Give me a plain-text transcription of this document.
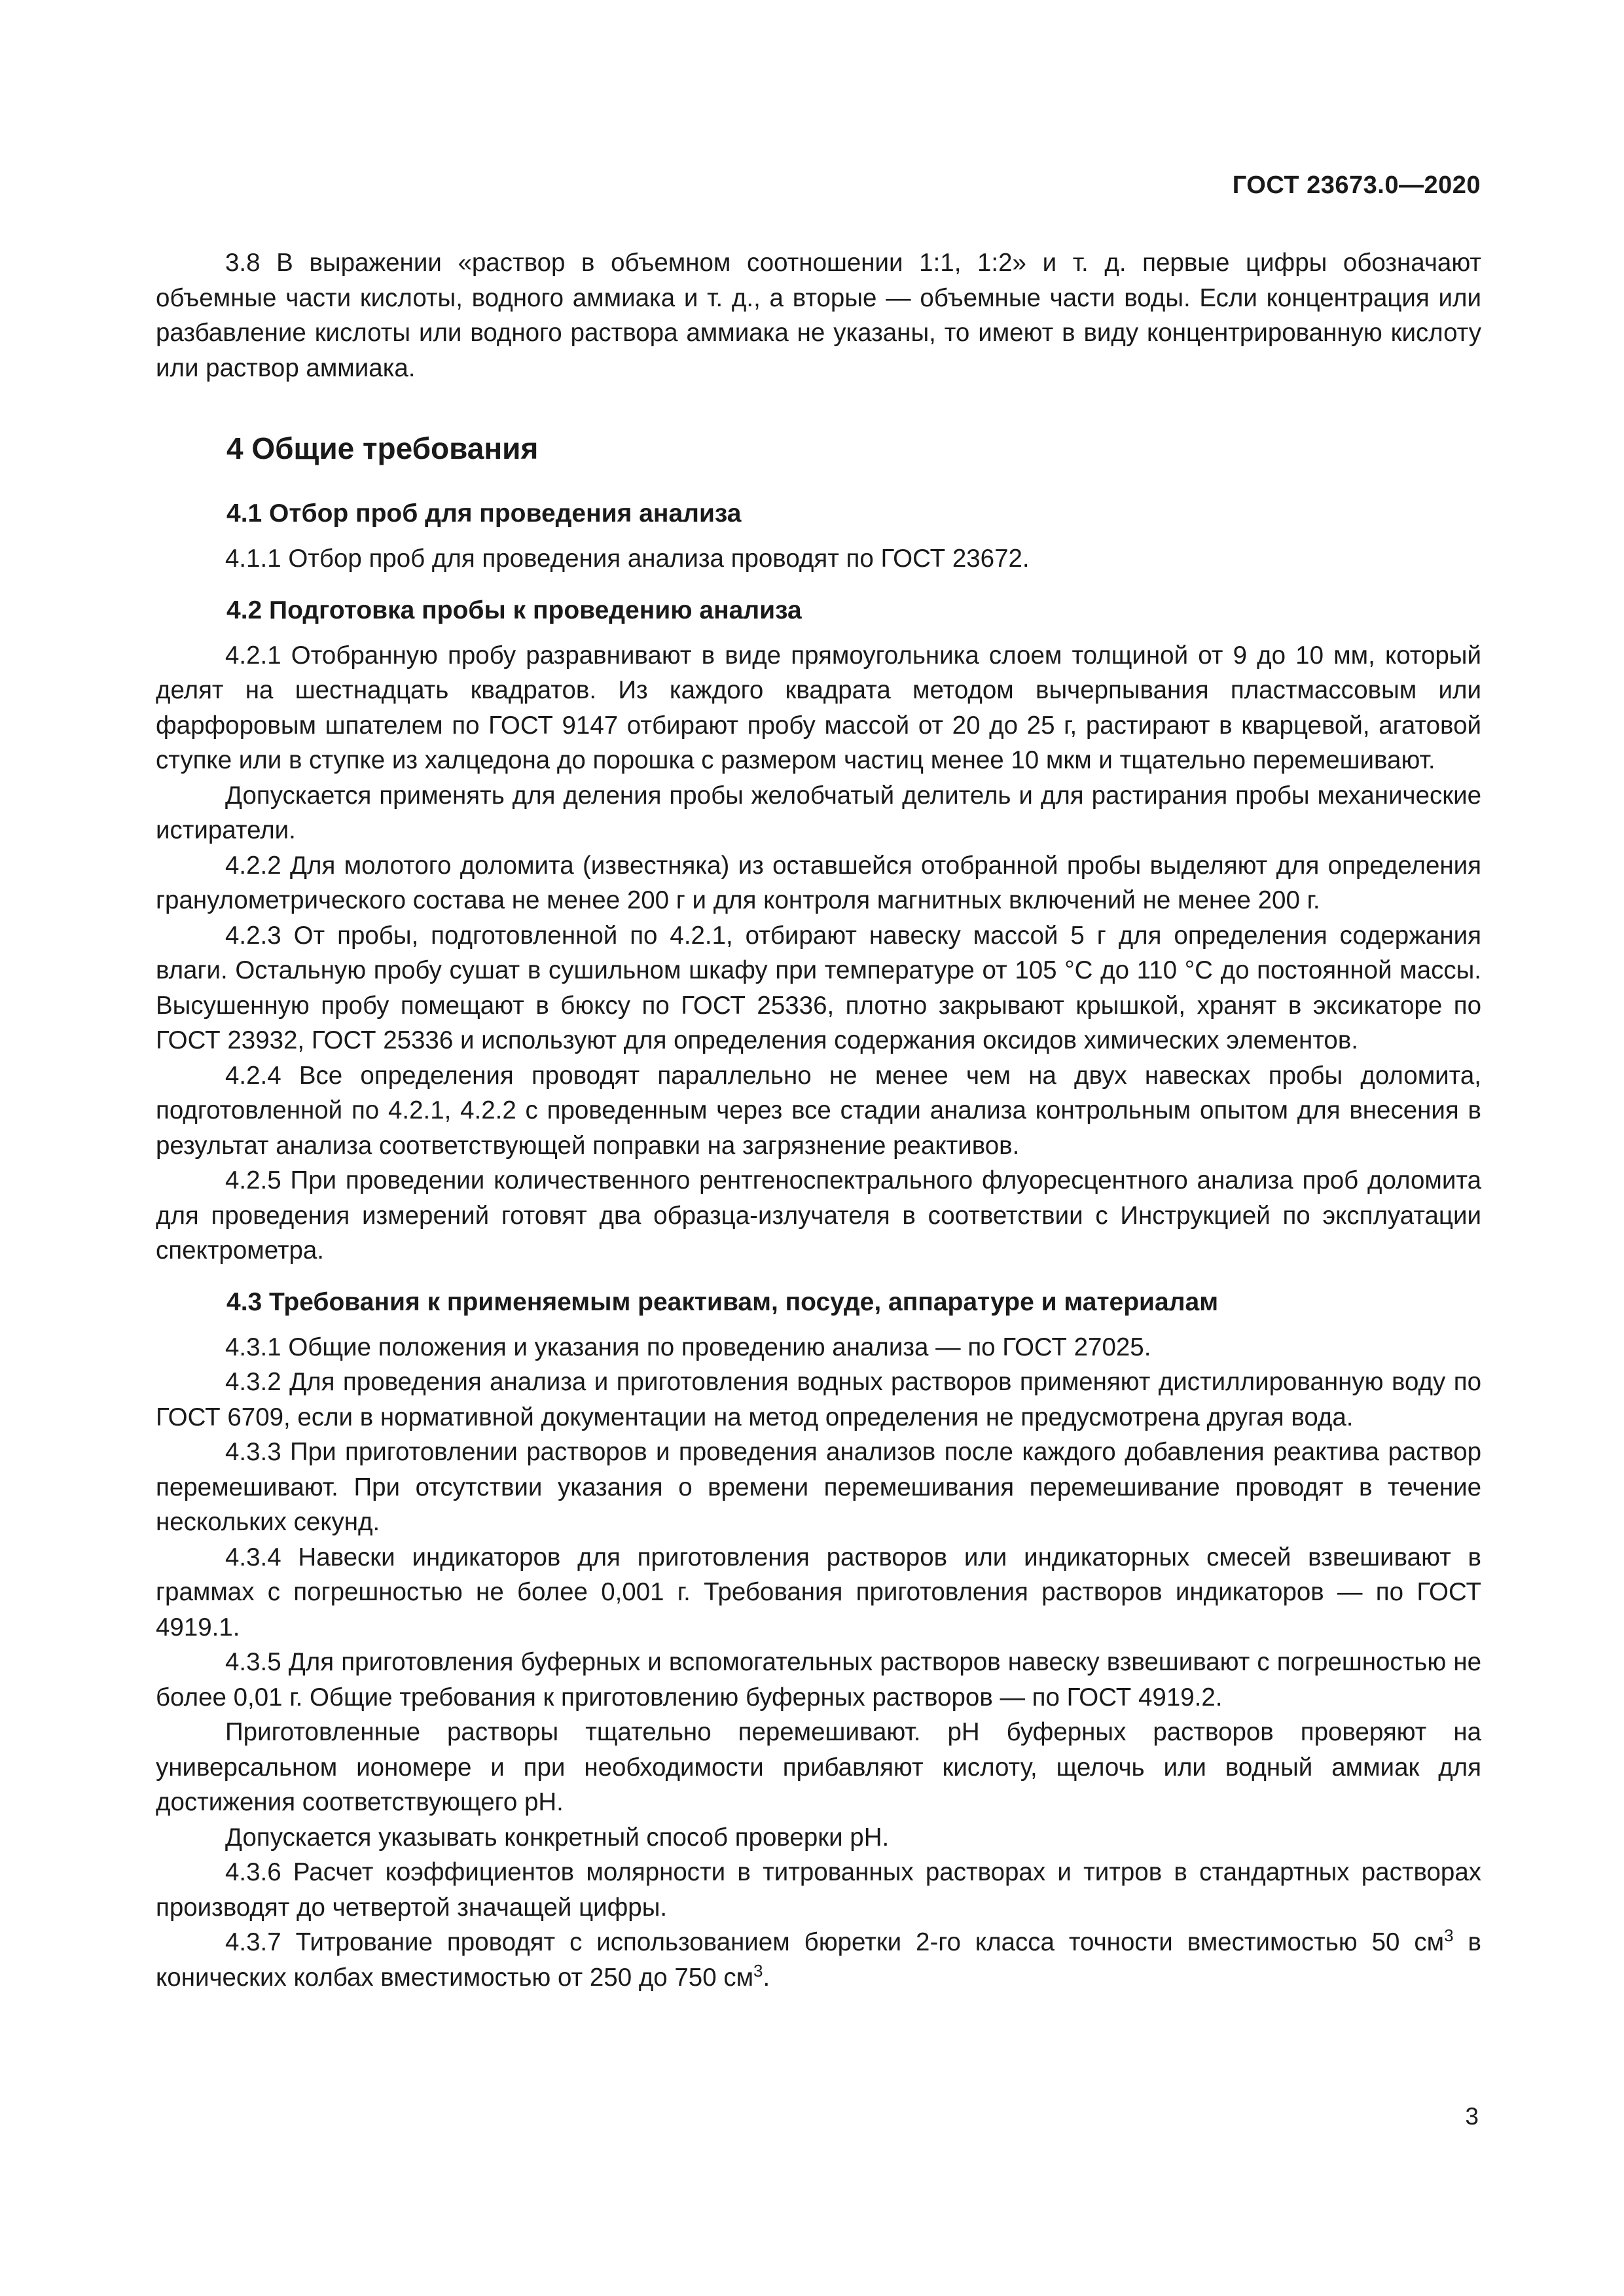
ГОСТ 23673.0—2020

3.8 В выражении «раствор в объемном соотношении 1:1, 1:2» и т. д. первые цифры обозначают объемные части кислоты, водного аммиака и т. д., а вторые — объемные части воды. Если концентрация или разбавление кислоты или водного раствора аммиака не указаны, то имеют в виду концентрированную кислоту или раствор аммиака.

4 Общие требования
4.1 Отбор проб для проведения анализа

4.1.1 Отбор проб для проведения анализа проводят по ГОСТ 23672.

4.2 Подготовка пробы к проведению анализа

4.2.1 Отобранную пробу разравнивают в виде прямоугольника слоем толщиной от 9 до 10 мм, который делят на шестнадцать квадратов. Из каждого квадрата методом вычерпывания пластмассовым или фарфоровым шпателем по ГОСТ 9147 отбирают пробу массой от 20 до 25 г, растирают в кварцевой, агатовой ступке или в ступке из халцедона до порошка с размером частиц менее 10 мкм и тщательно перемешивают.

Допускается применять для деления пробы желобчатый делитель и для растирания пробы механические истиратели.

4.2.2 Для молотого доломита (известняка) из оставшейся отобранной пробы выделяют для определения гранулометрического состава не менее 200 г и для контроля магнитных включений не менее 200 г.

4.2.3 От пробы, подготовленной по 4.2.1, отбирают навеску массой 5 г для определения содержания влаги. Остальную пробу сушат в сушильном шкафу при температуре от 105 °С до 110 °С до постоянной массы. Высушенную пробу помещают в бюксу по ГОСТ 25336, плотно закрывают крышкой, хранят в эксикаторе по ГОСТ 23932, ГОСТ 25336 и используют для определения содержания оксидов химических элементов.

4.2.4 Все определения проводят параллельно не менее чем на двух навесках пробы доломита, подготовленной по 4.2.1, 4.2.2 с проведенным через все стадии анализа контрольным опытом для внесения в результат анализа соответствующей поправки на загрязнение реактивов.

4.2.5 При проведении количественного рентгеноспектрального флуоресцентного анализа проб доломита для проведения измерений готовят два образца-излучателя в соответствии с Инструкцией по эксплуатации спектрометра.

4.3 Требования к применяемым реактивам, посуде, аппаратуре и материалам

4.3.1 Общие положения и указания по проведению анализа — по ГОСТ 27025.

4.3.2 Для проведения анализа и приготовления водных растворов применяют дистиллированную воду по ГОСТ 6709, если в нормативной документации на метод определения не предусмотрена другая вода.

4.3.3 При приготовлении растворов и проведения анализов после каждого добавления реактива раствор перемешивают. При отсутствии указания о времени перемешивания перемешивание проводят в течение нескольких секунд.

4.3.4 Навески индикаторов для приготовления растворов или индикаторных смесей взвешивают в граммах с погрешностью не более 0,001 г. Требования приготовления растворов индикаторов — по ГОСТ 4919.1.

4.3.5 Для приготовления буферных и вспомогательных растворов навеску взвешивают с погрешностью не более 0,01 г. Общие требования к приготовлению буферных растворов — по ГОСТ 4919.2.

Приготовленные растворы тщательно перемешивают. pH буферных растворов проверяют на универсальном иономере и при необходимости прибавляют кислоту, щелочь или водный аммиак для достижения соответствующего pH.

Допускается указывать конкретный способ проверки pH.

4.3.6 Расчет коэффициентов молярности в титрованных растворах и титров в стандартных растворах производят до четвертой значащей цифры.

4.3.7 Титрование проводят с использованием бюретки 2-го класса точности вместимостью 50 $см^3$ в конических колбах вместимостью от 250 до 750 $см^3$.

3
